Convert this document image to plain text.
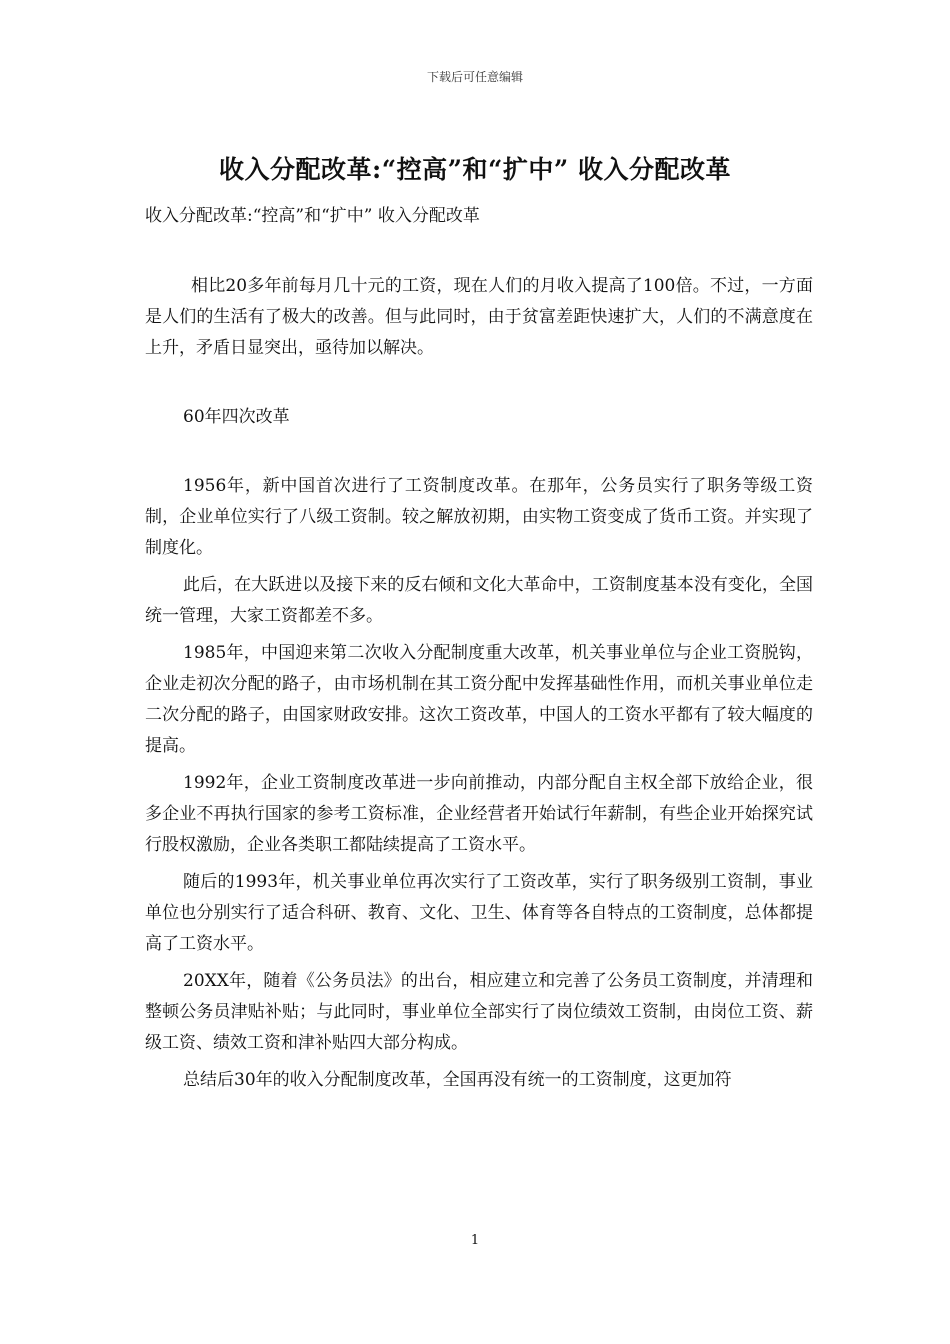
下载后可任意编辑
收入分配改革:“控高”和“扩中” 收入分配改革
收入分配改革:“控高”和“扩中” 收入分配改革

相比20多年前每月几十元的工资，现在人们的月收入提高了100倍。不过，一方面是人们的生活有了极大的改善。但与此同时，由于贫富差距快速扩大，人们的不满意度在上升，矛盾日显突出，亟待加以解决。

60年四次改革

1956年，新中国首次进行了工资制度改革。在那年，公务员实行了职务等级工资制，企业单位实行了八级工资制。较之解放初期，由实物工资变成了货币工资。并实现了制度化。

此后，在大跃进以及接下来的反右倾和文化大革命中，工资制度基本没有变化，全国统一管理，大家工资都差不多。

1985年，中国迎来第二次收入分配制度重大改革，机关事业单位与企业工资脱钩，企业走初次分配的路子，由市场机制在其工资分配中发挥基础性作用，而机关事业单位走二次分配的路子，由国家财政安排。这次工资改革，中国人的工资水平都有了较大幅度的提高。

1992年，企业工资制度改革进一步向前推动，内部分配自主权全部下放给企业，很多企业不再执行国家的参考工资标准，企业经营者开始试行年薪制，有些企业开始探究试行股权激励，企业各类职工都陆续提高了工资水平。

随后的1993年，机关事业单位再次实行了工资改革，实行了职务级别工资制，事业单位也分别实行了适合科研、教育、文化、卫生、体育等各自特点的工资制度，总体都提高了工资水平。

20XX年，随着《公务员法》的出台，相应建立和完善了公务员工资制度，并清理和整顿公务员津贴补贴；与此同时，事业单位全部实行了岗位绩效工资制，由岗位工资、薪级工资、绩效工资和津补贴四大部分构成。

总结后30年的收入分配制度改革，全国再没有统一的工资制度，这更加符

1
